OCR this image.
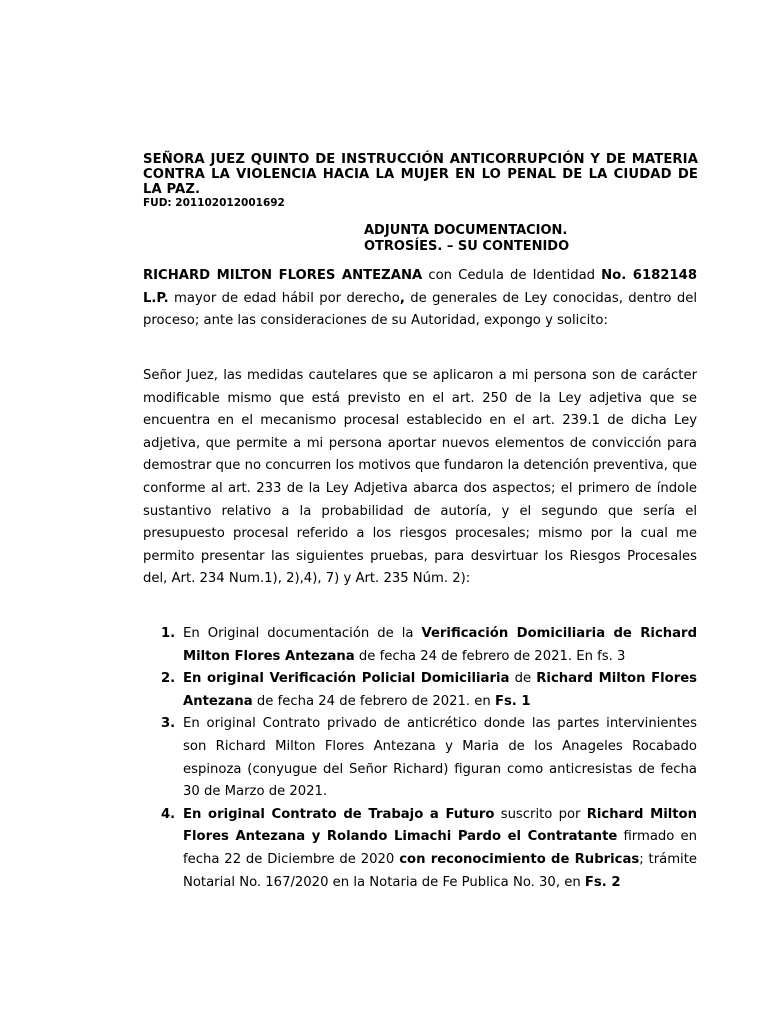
SEÑORA JUEZ QUINTO DE INSTRUCCIÓN ANTICORRUPCIÓN Y DE MATERIA CONTRA LA VIOLENCIA HACIA LA MUJER EN LO PENAL DE LA CIUDAD DE LA PAZ.
FUD: 201102012001692
ADJUNTA DOCUMENTACION.
OTROSÍES. – SU CONTENIDO
RICHARD MILTON FLORES ANTEZANA con Cedula de Identidad No. 6182148 L.P. mayor de edad hábil por derecho, de generales de Ley conocidas, dentro del proceso; ante las consideraciones de su Autoridad, expongo y solicito:
Señor Juez, las medidas cautelares que se aplicaron a mi persona son de carácter modificable mismo que está previsto en el art. 250 de la Ley adjetiva que se encuentra en el mecanismo procesal establecido en el art. 239.1 de dicha Ley adjetiva, que permite a mi persona aportar nuevos elementos de convicción para demostrar que no concurren los motivos que fundaron la detención preventiva, que conforme al art. 233 de la Ley Adjetiva abarca dos aspectos; el primero de índole sustantivo relativo a la probabilidad de autoría, y el segundo que sería el presupuesto procesal referido a los riesgos procesales; mismo por la cual me permito presentar las siguientes pruebas, para desvirtuar los Riesgos Procesales del, Art. 234 Num.1), 2),4), 7) y Art. 235 Núm. 2):
1. En Original documentación de la Verificación Domiciliaria de Richard Milton Flores Antezana de fecha 24 de febrero de 2021. En fs. 3
2. En original Verificación Policial Domiciliaria de Richard Milton Flores Antezana de fecha 24 de febrero de 2021. en Fs. 1
3. En original Contrato privado de anticrético donde las partes intervinientes son Richard Milton Flores Antezana y Maria de los Anageles Rocabado espinoza (conyugue del Señor Richard) figuran como anticresistas de fecha 30 de Marzo de 2021.
4. En original Contrato de Trabajo a Futuro suscrito por Richard Milton Flores Antezana y Rolando Limachi Pardo el Contratante firmado en fecha 22 de Diciembre de 2020 con reconocimiento de Rubricas; trámite Notarial No. 167/2020 en la Notaria de Fe Publica No. 30, en Fs. 2
